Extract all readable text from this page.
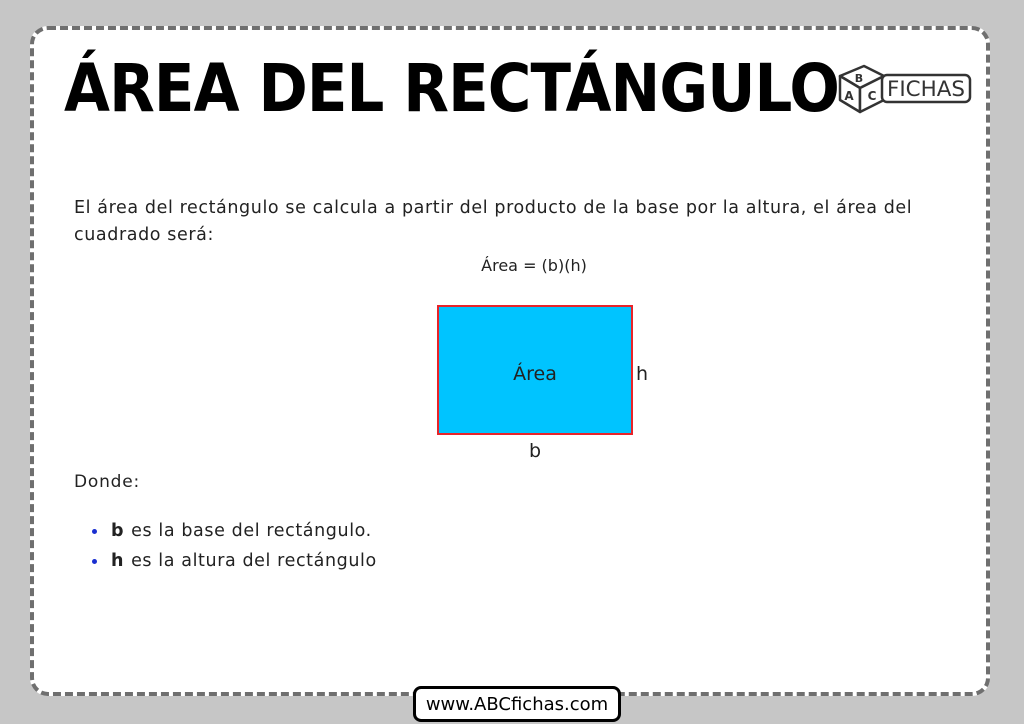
ÁREA DEL RECTÁNGULO B
A C FICHAS

El área del rectángulo se calcula a partir del producto de la base por la altura, el área del cuadrado será:

Área = (b)(h)

Área	h
b

Donde:

b es la base del rectángulo.
h es la altura del rectángulo
www.ABCfichas.com
